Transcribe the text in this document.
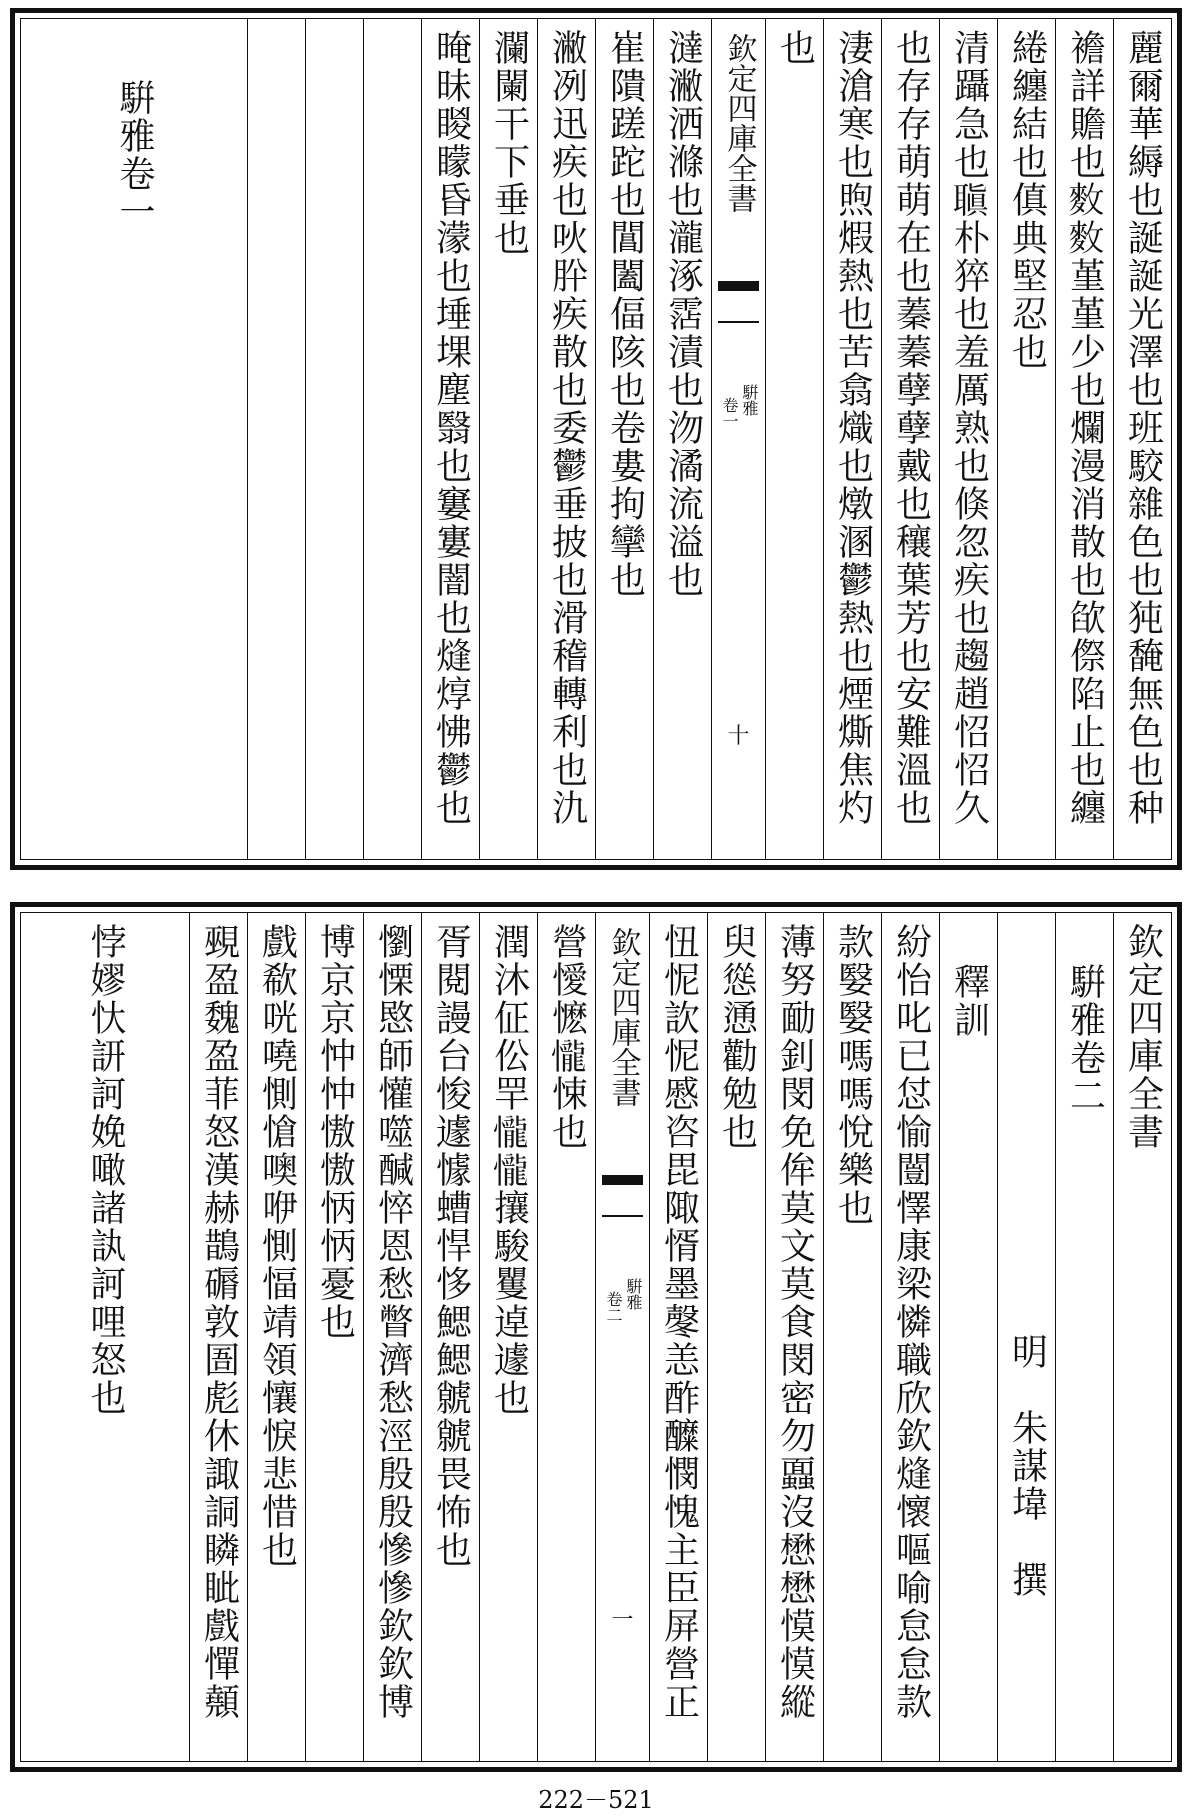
麗爾華縟也誕誕光澤也班駮雜色也㹠馣無色也种
襜詳贍也𪌑𪌑堇堇少也爛漫消散也欿傺陷止也纏
綣纏結也傎典堅忍也
清躡急也𦗀朴猝也羞厲熟也倏忽疾也趨趙怊怊久
也存存萌萌在也蓁蓁孽孽戴也穰葉芳也安難溫也
淒滄寒也煦煆熱也苦翕熾也燉溷鬱熱也煙燍焦灼
也
欽定四庫全書
騈雅
卷一
十
澾潎洒滌也瀧涿霑漬也沕潏流溢也
崔隤蹉跎也閶闔偪陔也卷婁拘攣也
潎冽迅疾也吙肸疾散也委鬱垂披也滑稽轉利也氿
瀾闌干下垂也
晻昧䁓矇昏濛也埵堁塵翳也窶寠闇也熢焞怫鬱也
騈雅卷一
欽定四庫全書
騈雅卷二
明　朱謀㙔　撰
釋訓
紛怡叱已怤愉闓懌康梁憐職欣欽熢懷嘔喻怠怠款
款嫛嫛嗎嗎悅樂也
薄努勔釗閔免侔莫文莫食閔密勿蠠沒懋懋慔慔縱
臾慫慂勸勉也
忸怩䚿怩慼咨毘陬㥠墨㲇恙酢醾憫愧主臣屏營正
欽定四庫全書
騈雅
卷二
一
營懓懡𢤱悚也
潤沐佂伀䍐𢤱𢤱攘駿矍逴遽也
胥閱謾台悛遽懅螬悍恀鰓鰓虩虩畏怖也
懰慄愍師懽噬醎悴恩愁瞥濟愁涇殷殷慘慘欽欽博
博京京忡忡慠慠怲怲憂也
戲欷咣嘵惻愴噢咿惻愊靖領懹悷悲惜也
覡盈魏盈菲怒漢赫鵲磭敦圄彪休諏詷瞵眦戲憚顤
悖嫪忕訮訶娩噉諸訙訶哩怒也
222－521
